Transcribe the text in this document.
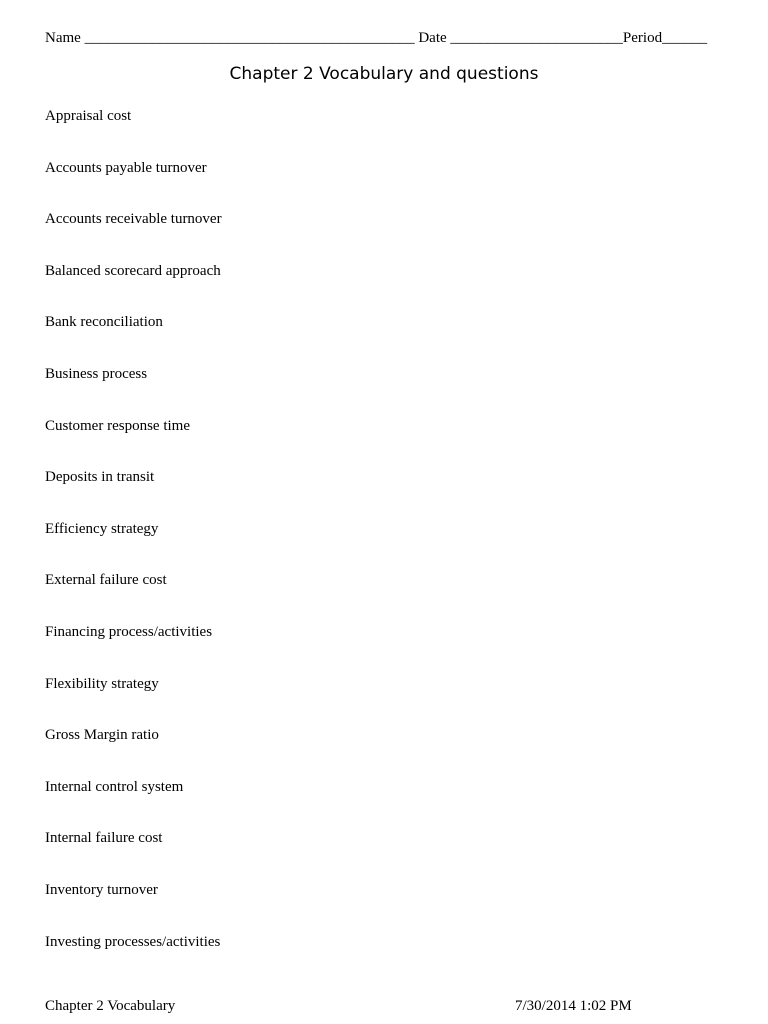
Name ____________________________________________ Date _______________________Period______
Chapter 2 Vocabulary and questions
Appraisal cost
Accounts payable turnover
Accounts receivable turnover
Balanced scorecard approach
Bank reconciliation
Business process
Customer response time
Deposits in transit
Efficiency strategy
External failure cost
Financing process/activities
Flexibility strategy
Gross Margin ratio
Internal control system
Internal failure cost
Inventory turnover
Investing processes/activities
Chapter 2 Vocabulary	7/30/2014 1:02 PM
